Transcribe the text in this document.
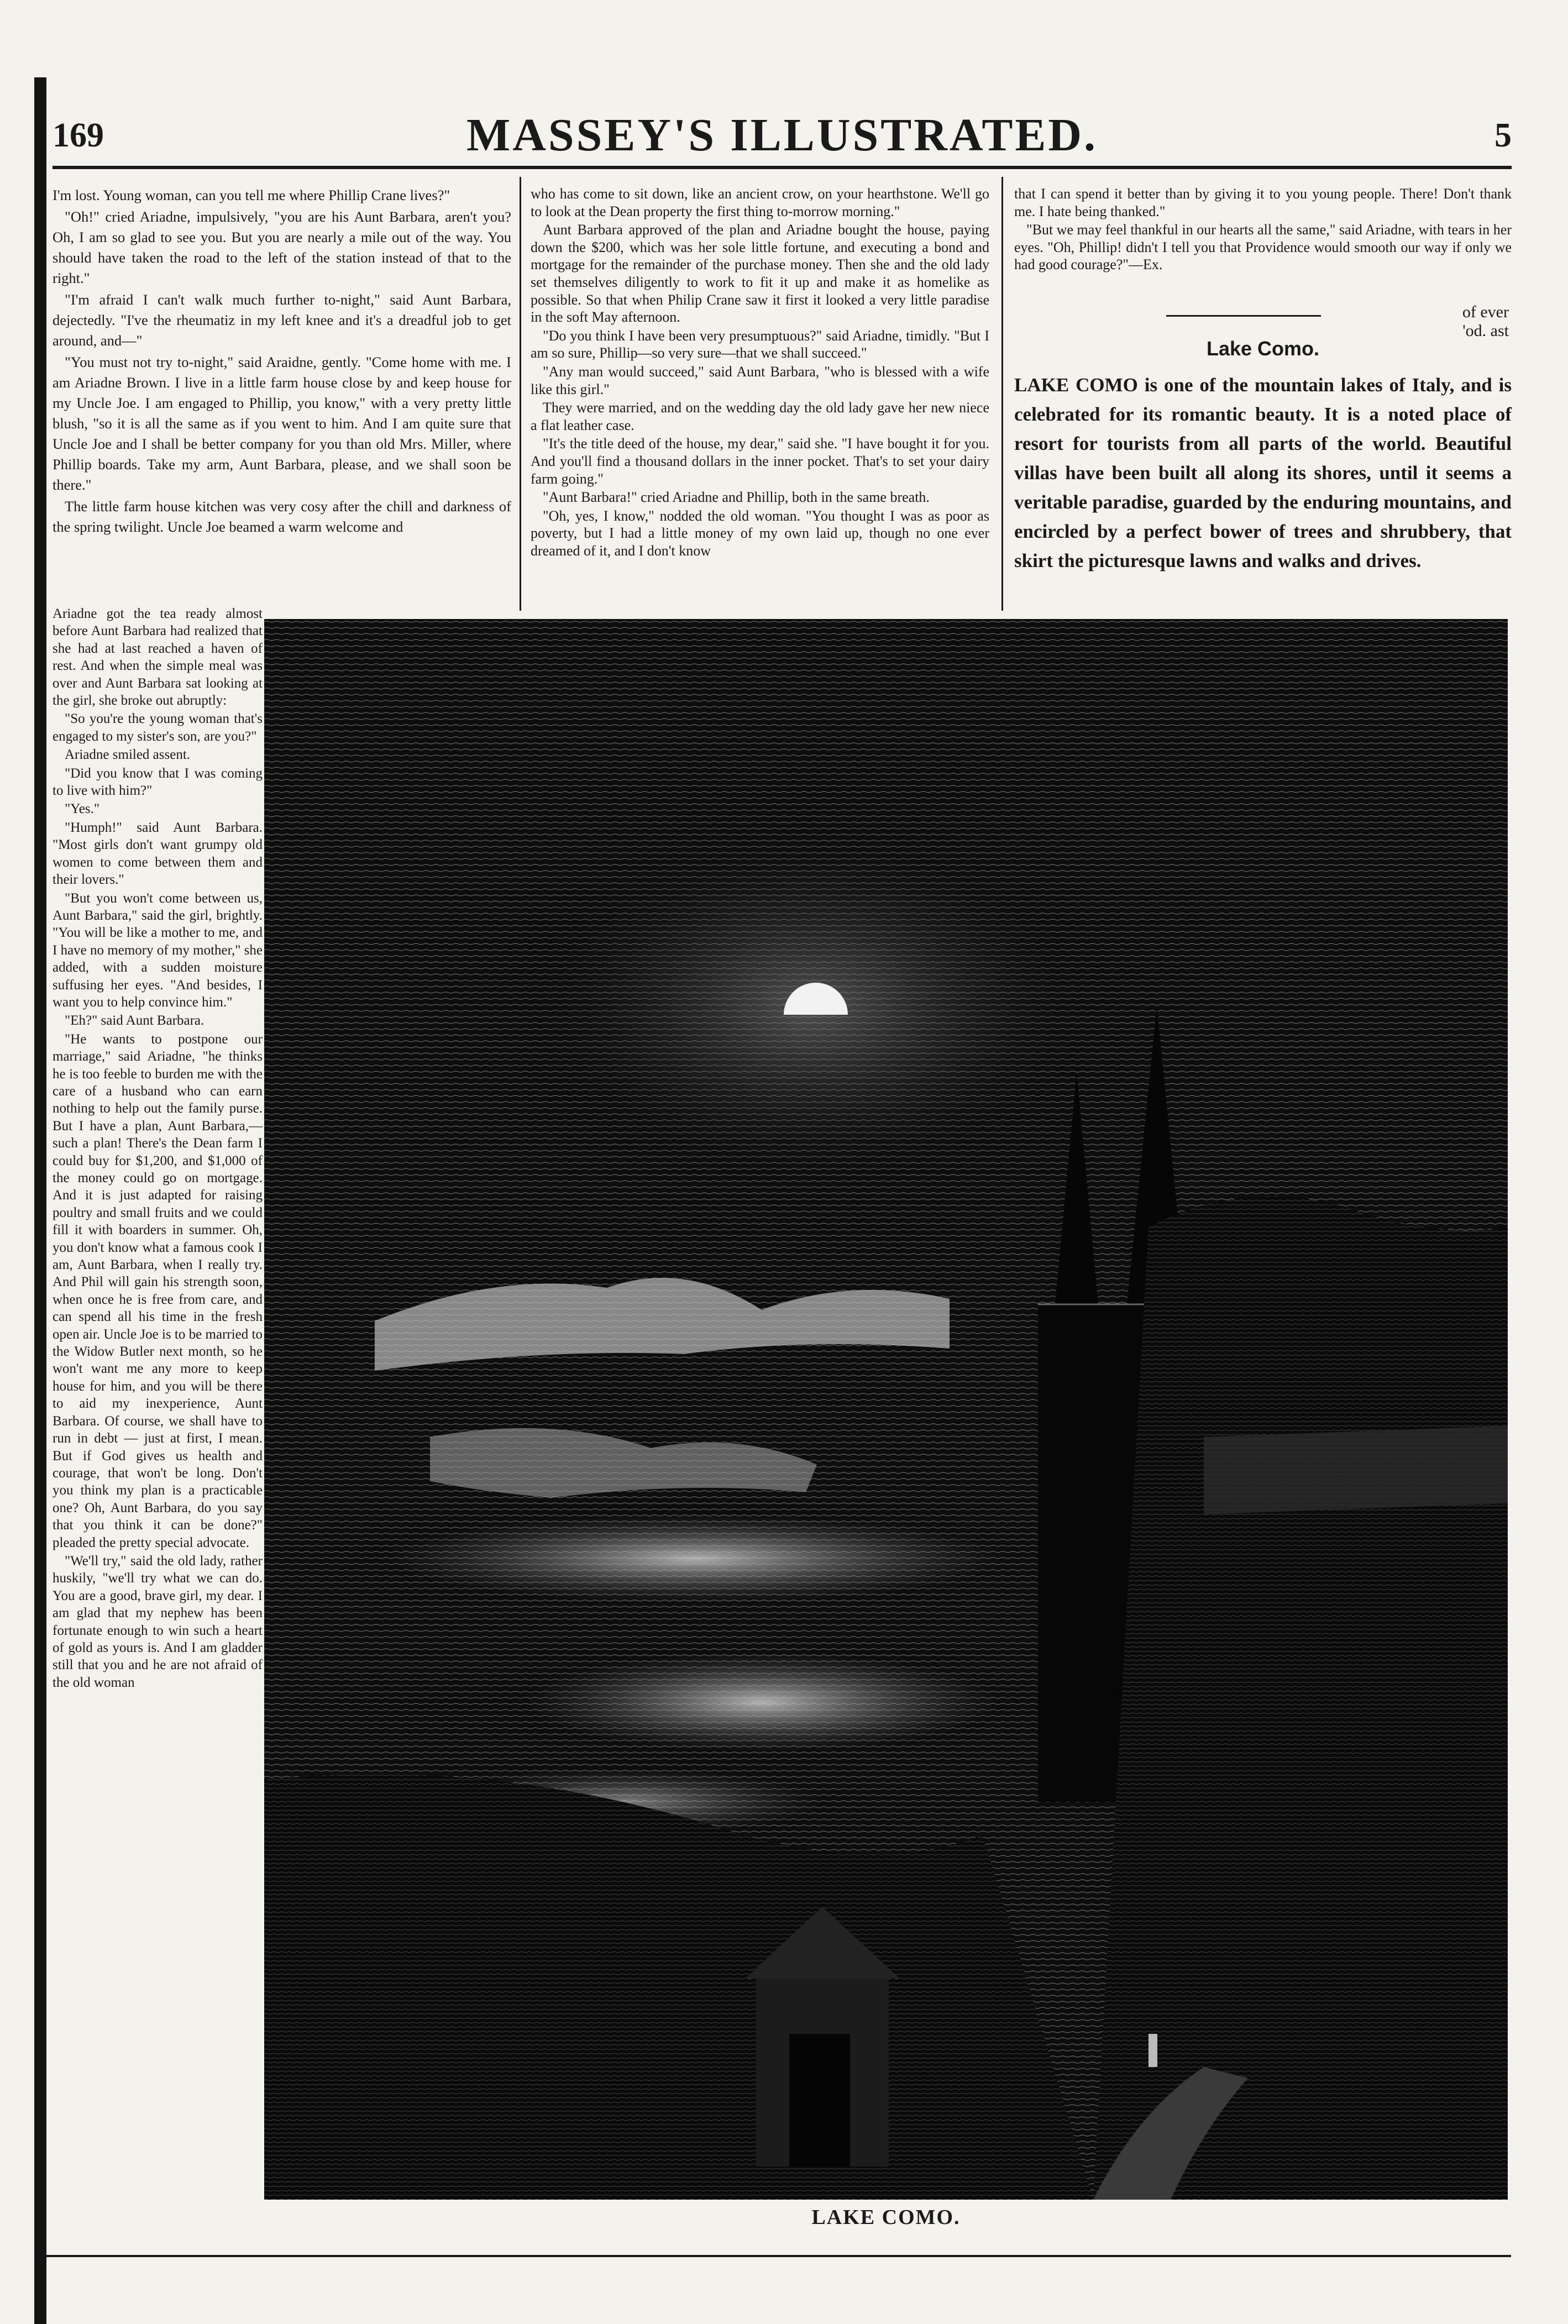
169	MASSEY'S ILLUSTRATED.	5

I'm lost. Young woman, can you tell me where Phillip Crane lives?"

"Oh!" cried Ariadne, impulsively, "you are his Aunt Barbara, aren't you? Oh, I am so glad to see you. But you are nearly a mile out of the way. You should have taken the road to the left of the station instead of that to the right."

"I'm afraid I can't walk much further to-night," said Aunt Barbara, dejectedly. "I've the rheumatiz in my left knee and it's a dreadful job to get around, and—"

"You must not try to-night," said Araidne, gently. "Come home with me. I am Ariadne Brown. I live in a little farm house close by and keep house for my Uncle Joe. I am engaged to Phillip, you know," with a very pretty little blush, "so it is all the same as if you went to him. And I am quite sure that Uncle Joe and I shall be better company for you than old Mrs. Miller, where Phillip boards. Take my arm, Aunt Barbara, please, and we shall soon be there."

The little farm house kitchen was very cosy after the chill and darkness of the spring twilight. Uncle Joe beamed a warm welcome and

Ariadne got the tea ready almost before Aunt Barbara had realized that she had at last reached a haven of rest. And when the simple meal was over and Aunt Barbara sat looking at the girl, she broke out abruptly:

"So you're the young woman that's engaged to my sister's son, are you?"

Ariadne smiled assent.

"Did you know that I was coming to live with him?"

"Yes."

"Humph!" said Aunt Barbara. "Most girls don't want grumpy old women to come between them and their lovers."

"But you won't come between us, Aunt Barbara," said the girl, brightly. "You will be like a mother to me, and I have no memory of my mother," she added, with a sudden moisture suffusing her eyes. "And besides, I want you to help convince him."

"Eh?" said Aunt Barbara.

"He wants to postpone our marriage," said Ariadne, "he thinks he is too feeble to burden me with the care of a husband who can earn nothing to help out the family purse. But I have a plan, Aunt Barbara,—such a plan! There's the Dean farm I could buy for $1,200, and $1,000 of the money could go on mortgage. And it is just adapted for raising poultry and small fruits and we could fill it with boarders in summer. Oh, you don't know what a famous cook I am, Aunt Barbara, when I really try. And Phil will gain his strength soon, when once he is free from care, and can spend all his time in the fresh open air. Uncle Joe is to be married to the Widow Butler next month, so he won't want me any more to keep house for him, and you will be there to aid my inexperience, Aunt Barbara. Of course, we shall have to run in debt — just at first, I mean. But if God gives us health and courage, that won't be long. Don't you think my plan is a practicable one? Oh, Aunt Barbara, do you say that you think it can be done?" pleaded the pretty special advocate.

"We'll try," said the old lady, rather huskily, "we'll try what we can do. You are a good, brave girl, my dear. I am glad that my nephew has been fortunate enough to win such a heart of gold as yours is. And I am gladder still that you and he are not afraid of the old woman

who has come to sit down, like an ancient crow, on your hearthstone. We'll go to look at the Dean property the first thing to-morrow morning."

Aunt Barbara approved of the plan and Ariadne bought the house, paying down the $200, which was her sole little fortune, and executing a bond and mortgage for the remainder of the purchase money. Then she and the old lady set themselves diligently to work to fit it up and make it as homelike as possible. So that when Philip Crane saw it first it looked a very little paradise in the soft May afternoon.

"Do you think I have been very presumptuous?" said Ariadne, timidly. "But I am so sure, Phillip—so very sure—that we shall succeed."

"Any man would succeed," said Aunt Barbara, "who is blessed with a wife like this girl."

They were married, and on the wedding day the old lady gave her new niece a flat leather case.

"It's the title deed of the house, my dear," said she. "I have bought it for you. And you'll find a thousand dollars in the inner pocket. That's to set your dairy farm going."

"Aunt Barbara!" cried Ariadne and Phillip, both in the same breath.

"Oh, yes, I know," nodded the old woman. "You thought I was as poor as poverty, but I had a little money of my own laid up, though no one ever dreamed of it, and I don't know

that I can spend it better than by giving it to you young people. There! Don't thank me. I hate being thanked."

"But we may feel thankful in our hearts all the same," said Ariadne, with tears in her eyes. "Oh, Phillip! didn't I tell you that Providence would smooth our way if only we had good courage?"—Ex.

of ever
'od. ast
Lake Como.
LAKE COMO is one of the mountain lakes of Italy, and is celebrated for its romantic beauty. It is a noted place of resort for tourists from all parts of the world. Beautiful villas have been built all along its shores, until it seems a veritable paradise, guarded by the enduring mountains, and encircled by a perfect bower of trees and shrubbery, that skirt the picturesque lawns and walks and drives.
LAKE COMO.
